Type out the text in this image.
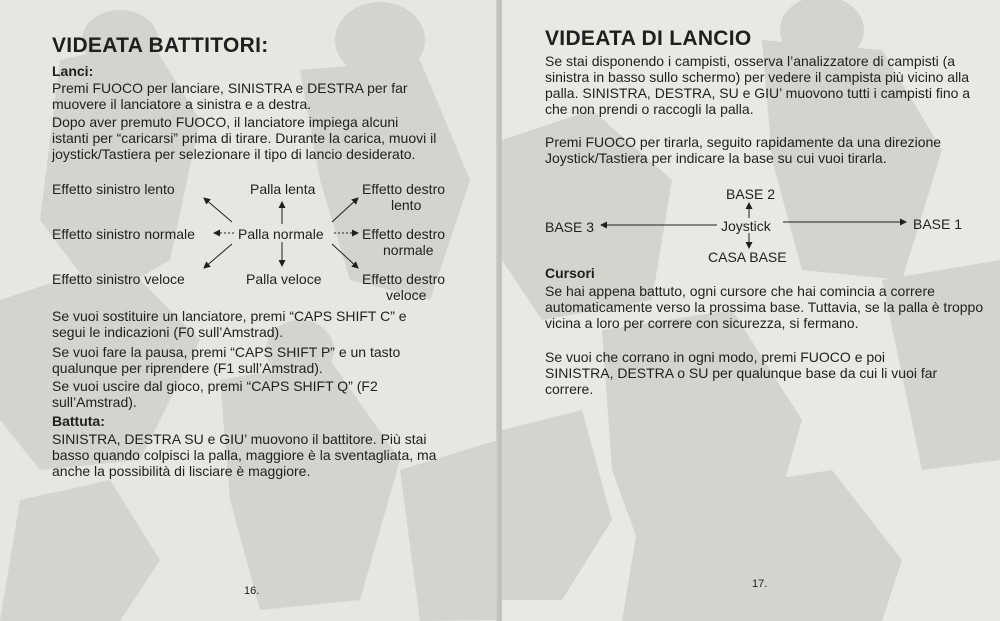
VIDEATA BATTITORI:
Lanci:
Premi FUOCO per lanciare, SINISTRA e DESTRA per far muovere il lanciatore a sinistra e a destra.
Dopo aver premuto FUOCO, il lanciatore impiega alcuni istanti per “caricarsi” prima di tirare. Durante la carica, muovi il joystick/Tastiera per selezionare il tipo di lancio desiderato.
Effetto sinistro lento	Palla lenta	Effetto destro
lento
Effetto sinistro normale	Palla normale	Effetto destro
normale
Effetto sinistro veloce	Palla veloce	Effetto destro
veloce
Se vuoi sostituire un lanciatore, premi “CAPS SHIFT C” e segui le indicazioni (F0 sull’Amstrad).
Se vuoi fare la pausa, premi “CAPS SHIFT P” e un tasto qualunque per riprendere (F1 sull’Amstrad).
Se vuoi uscire dal gioco, premi “CAPS SHIFT Q” (F2 sull’Amstrad).
Battuta:
SINISTRA, DESTRA SU e GIU’ muovono il battitore. Più stai basso quando colpisci la palla, maggiore è la sventagliata, ma anche la possibilità di lisciare è maggiore.
16.
VIDEATA DI LANCIO
Se stai disponendo i campisti, osserva l’analizzatore di campisti (a sinistra in basso sullo schermo) per vedere il campista più vicino alla palla. SINISTRA, DESTRA, SU e GIU’ muovono tutti i campisti fino a che non prendi o raccogli la palla.
Premi FUOCO per tirarla, seguito rapidamente da una direzione Joystick/Tastiera per indicare la base su cui vuoi tirarla.
BASE 2
BASE 3	Joystick	BASE 1
CASA BASE
Cursori
Se hai appena battuto, ogni cursore che hai comincia a correre automaticamente verso la prossima base. Tuttavia, se la palla è troppo vicina a loro per correre con sicurezza, si fermano.
Se vuoi che corrano in ogni modo, premi FUOCO e poi SINISTRA, DESTRA o SU per qualunque base da cui li vuoi far correre.
17.
